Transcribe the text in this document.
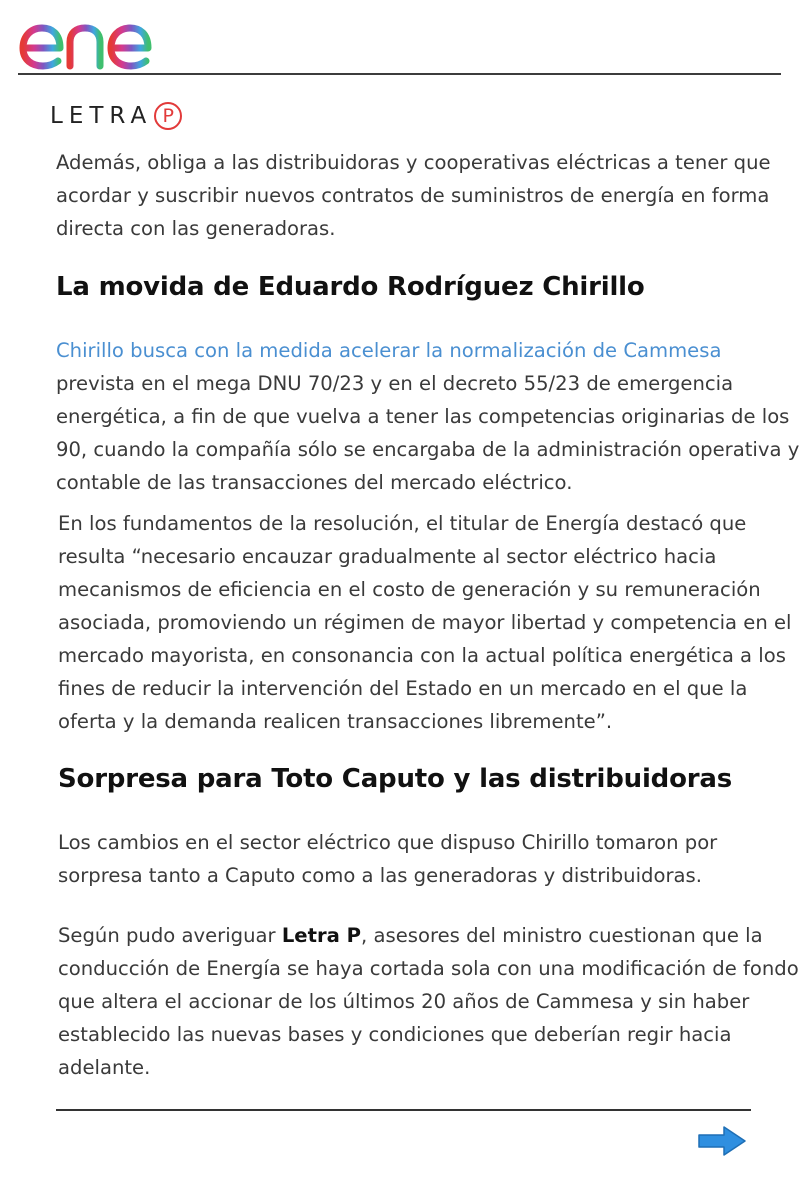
LETRA P
Además, obliga a las distribuidoras y cooperativas eléctricas a tener que
acordar y suscribir nuevos contratos de suministros de energía en forma
directa con las generadoras.
La movida de Eduardo Rodríguez Chirillo
Chirillo busca con la medida acelerar la normalización de Cammesa
prevista en el mega DNU 70/23 y en el decreto 55/23 de emergencia
energética, a fin de que vuelva a tener las competencias originarias de los
90, cuando la compañía sólo se encargaba de la administración operativa y
contable de las transacciones del mercado eléctrico.
En los fundamentos de la resolución, el titular de Energía destacó que
resulta “necesario encauzar gradualmente al sector eléctrico hacia
mecanismos de eficiencia en el costo de generación y su remuneración
asociada, promoviendo un régimen de mayor libertad y competencia en el
mercado mayorista, en consonancia con la actual política energética a los
fines de reducir la intervención del Estado en un mercado en el que la
oferta y la demanda realicen transacciones libremente”.
Sorpresa para Toto Caputo y las distribuidoras
Los cambios en el sector eléctrico que dispuso Chirillo tomaron por
sorpresa tanto a Caputo como a las generadoras y distribuidoras.
Según pudo averiguar Letra P, asesores del ministro cuestionan que la
conducción de Energía se haya cortada sola con una modificación de fondo
que altera el accionar de los últimos 20 años de Cammesa y sin haber
establecido las nuevas bases y condiciones que deberían regir hacia
adelante.
